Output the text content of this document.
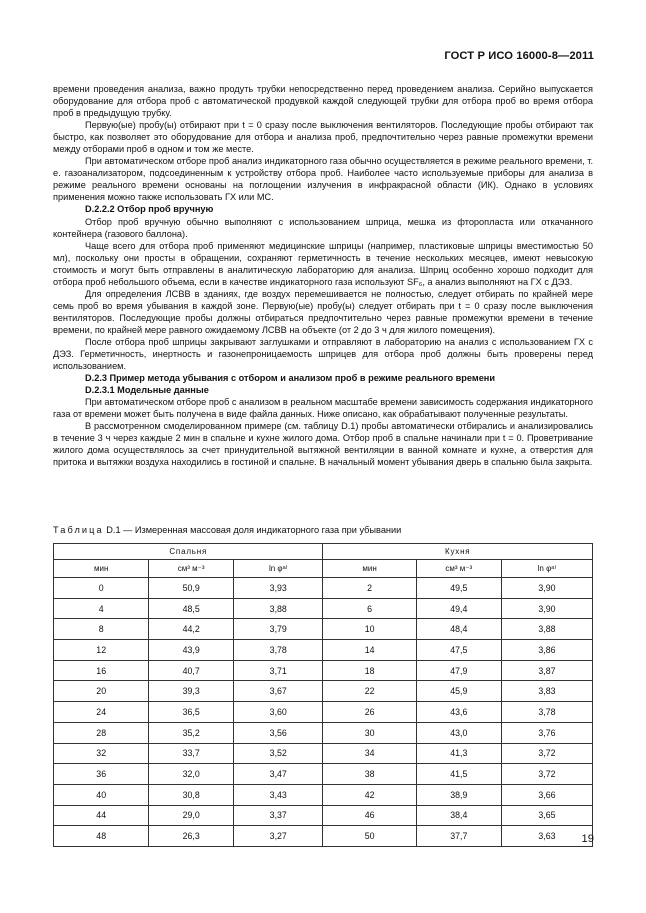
ГОСТ Р ИСО 16000-8—2011

времени проведения анализа, важно продуть трубки непосредственно перед проведением анализа. Серийно выпускается оборудование для отбора проб с автоматической продувкой каждой следующей трубки для отбора проб во время отбора проб в предыдущую трубку.

Первую(ые) пробу(ы) отбирают при t = 0 сразу после выключения вентиляторов. Последующие пробы отбирают так быстро, как позволяет это оборудование для отбора и анализа проб, предпочтительно через равные промежутки времени между отборами проб в одном и том же месте.

При автоматическом отборе проб анализ индикаторного газа обычно осуществляется в режиме реального времени, т. е. газоанализатором, подсоединенным к устройству отбора проб. Наиболее часто используемые приборы для анализа в режиме реального времени основаны на поглощении излучения в инфракрасной области (ИК). Однако в условиях применения можно также использовать ГХ или МС.

D.2.2.2 Отбор проб вручную

Отбор проб вручную обычно выполняют с использованием шприца, мешка из фторопласта или откачанного контейнера (газового баллона).

Чаще всего для отбора проб применяют медицинские шприцы (например, пластиковые шприцы вместимостью 50 мл), поскольку они просты в обращении, сохраняют герметичность в течение нескольких месяцев, имеют невысокую стоимость и могут быть отправлены в аналитическую лабораторию для анализа. Шприц особенно хорошо подходит для отбора проб небольшого объема, если в качестве индикаторного газа используют SF₆, а анализ выполняют на ГХ с ДЭЗ.

Для определения ЛСВВ в зданиях, где воздух перемешивается не полностью, следует отбирать по крайней мере семь проб во время убывания в каждой зоне. Первую(ые) пробу(ы) следует отбирать при t = 0 сразу после выключения вентиляторов. Последующие пробы должны отбираться предпочтительно через равные промежутки времени в течение времени, по крайней мере равного ожидаемому ЛСВВ на объекте (от 2 до 3 ч для жилого помещения).

После отбора проб шприцы закрывают заглушками и отправляют в лабораторию на анализ с использованием ГХ с ДЭЗ. Герметичность, инертность и газонепроницаемость шприцев для отбора проб должны быть проверены перед использованием.

D.2.3 Пример метода убывания с отбором и анализом проб в режиме реального времени

D.2.3.1 Модельные данные

При автоматическом отборе проб с анализом в реальном масштабе времени зависимость содержания индикаторного газа от времени может быть получена в виде файла данных. Ниже описано, как обрабатывают полученные результаты.

В рассмотренном смоделированном примере (см. таблицу D.1) пробы автоматически отбирались и анализировались в течение 3 ч через каждые 2 мин в спальне и кухне жилого дома. Отбор проб в спальне начинали при t = 0. Проветривание жилого дома осуществлялось за счет принудительной вытяжной вентиляции в ванной комнате и кухне, а отверстия для притока и вытяжки воздуха находились в гостиной и спальне. В начальный момент убывания дверь в спальню была закрыта.

Таблица D.1 — Измеренная массовая доля индикаторного газа при убывании
Спальня			Кухня		
мин	см³ м⁻³	ln φᵃ⁾	мин	см³ м⁻³	ln φᵃ⁾
0	50,9	3,93	2	49,5	3,90
4	48,5	3,88	6	49,4	3,90
8	44,2	3,79	10	48,4	3,88
12	43,9	3,78	14	47,5	3,86
16	40,7	3,71	18	47,9	3,87
20	39,3	3,67	22	45,9	3,83
24	36,5	3,60	26	43,6	3,78
28	35,2	3,56	30	43,0	3,76
32	33,7	3,52	34	41,3	3,72
36	32,0	3,47	38	41,5	3,72
40	30,8	3,43	42	38,9	3,66
44	29,0	3,37	46	38,4	3,65
48	26,3	3,27	50	37,7	3,63 19
